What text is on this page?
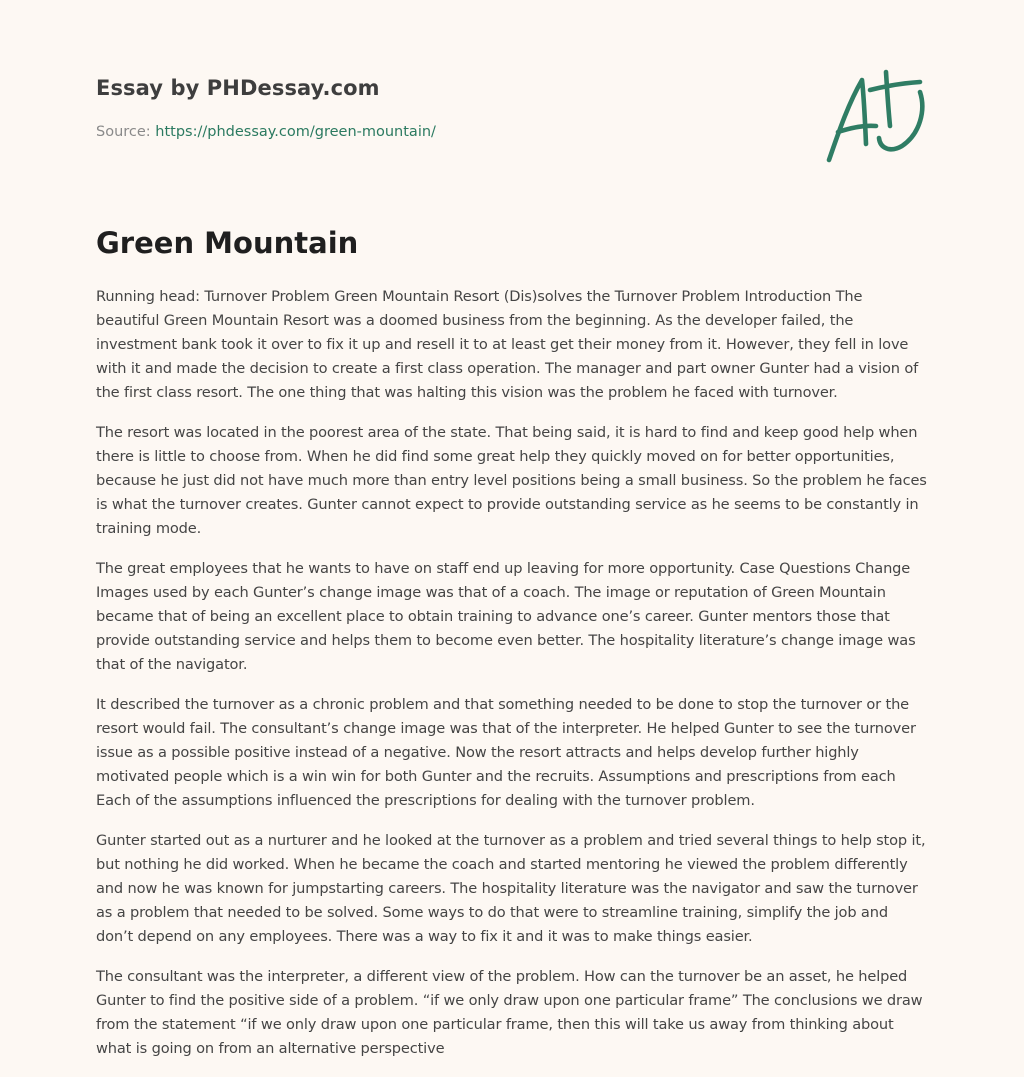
Essay by PHDessay.com
Source: https://phdessay.com/green-mountain/
Green Mountain

Running head: Turnover Problem Green Mountain Resort (Dis)solves the Turnover Problem Introduction The beautiful Green Mountain Resort was a doomed business from the beginning. As the developer failed, the investment bank took it over to fix it up and resell it to at least get their money from it. However, they fell in love with it and made the decision to create a first class operation. The manager and part owner Gunter had a vision of the first class resort. The one thing that was halting this vision was the problem he faced with turnover.

The resort was located in the poorest area of the state. That being said, it is hard to find and keep good help when there is little to choose from. When he did find some great help they quickly moved on for better opportunities, because he just did not have much more than entry level positions being a small business. So the problem he faces is what the turnover creates. Gunter cannot expect to provide outstanding service as he seems to be constantly in training mode.

The great employees that he wants to have on staff end up leaving for more opportunity. Case Questions Change Images used by each Gunter’s change image was that of a coach. The image or reputation of Green Mountain became that of being an excellent place to obtain training to advance one’s career. Gunter mentors those that provide outstanding service and helps them to become even better. The hospitality literature’s change image was that of the navigator.

It described the turnover as a chronic problem and that something needed to be done to stop the turnover or the resort would fail. The consultant’s change image was that of the interpreter. He helped Gunter to see the turnover issue as a possible positive instead of a negative. Now the resort attracts and helps develop further highly motivated people which is a win win for both Gunter and the recruits. Assumptions and prescriptions from each Each of the assumptions influenced the prescriptions for dealing with the turnover problem.

Gunter started out as a nurturer and he looked at the turnover as a problem and tried several things to help stop it, but nothing he did worked. When he became the coach and started mentoring he viewed the problem differently and now he was known for jumpstarting careers. The hospitality literature was the navigator and saw the turnover as a problem that needed to be solved. Some ways to do that were to streamline training, simplify the job and don’t depend on any employees. There was a way to fix it and it was to make things easier.

The consultant was the interpreter, a different view of the problem. How can the turnover be an asset, he helped Gunter to find the positive side of a problem. “if we only draw upon one particular frame” The conclusions we draw from the statement “if we only draw upon one particular frame, then this will take us away from thinking about what is going on from an alternative perspective
